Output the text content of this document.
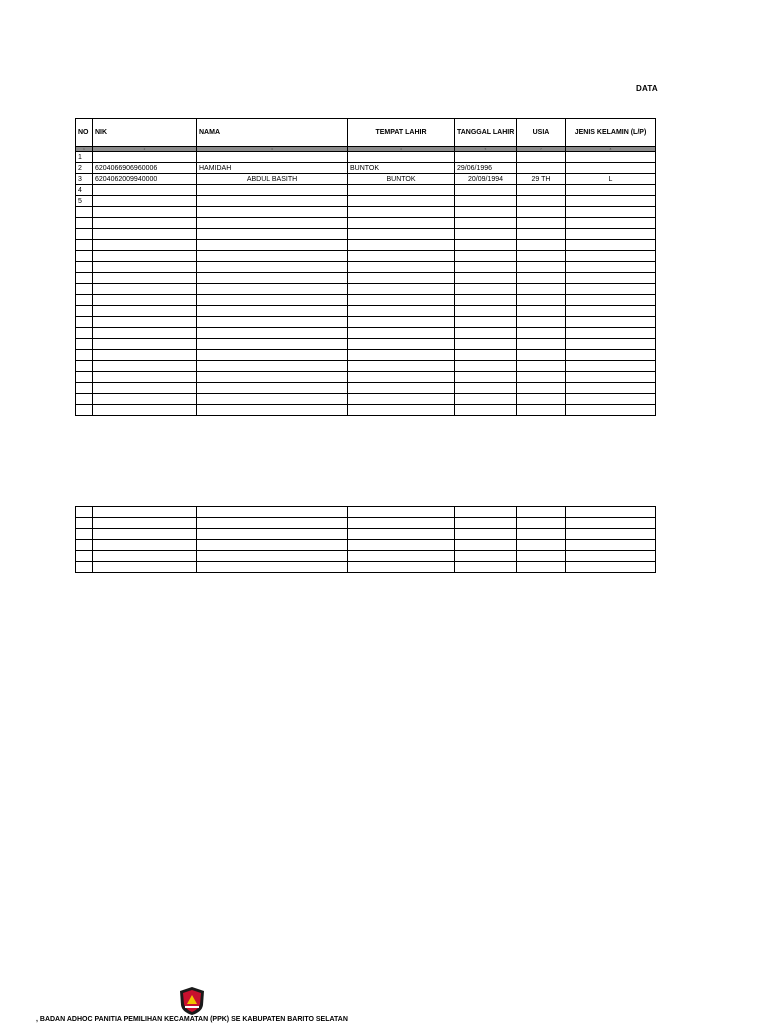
DATA
NO	NIK	NAMA	TEMPAT LAHIR	TANGGAL LAHIR	USIA	JENIS KELAMIN (L/P)
1	2	3	4	5	7	8
1						
2	6204066906960006	HAMIDAH	BUNTOK	29/06/1996		
3	6204062009940000	ABDUL BASITH	BUNTOK	20/09/1994	29 TH	L
4						
5						

, BADAN ADHOC PANITIA PEMILIHAN KECAMATAN (PPK) SE KABUPATEN BARITO SELATAN
